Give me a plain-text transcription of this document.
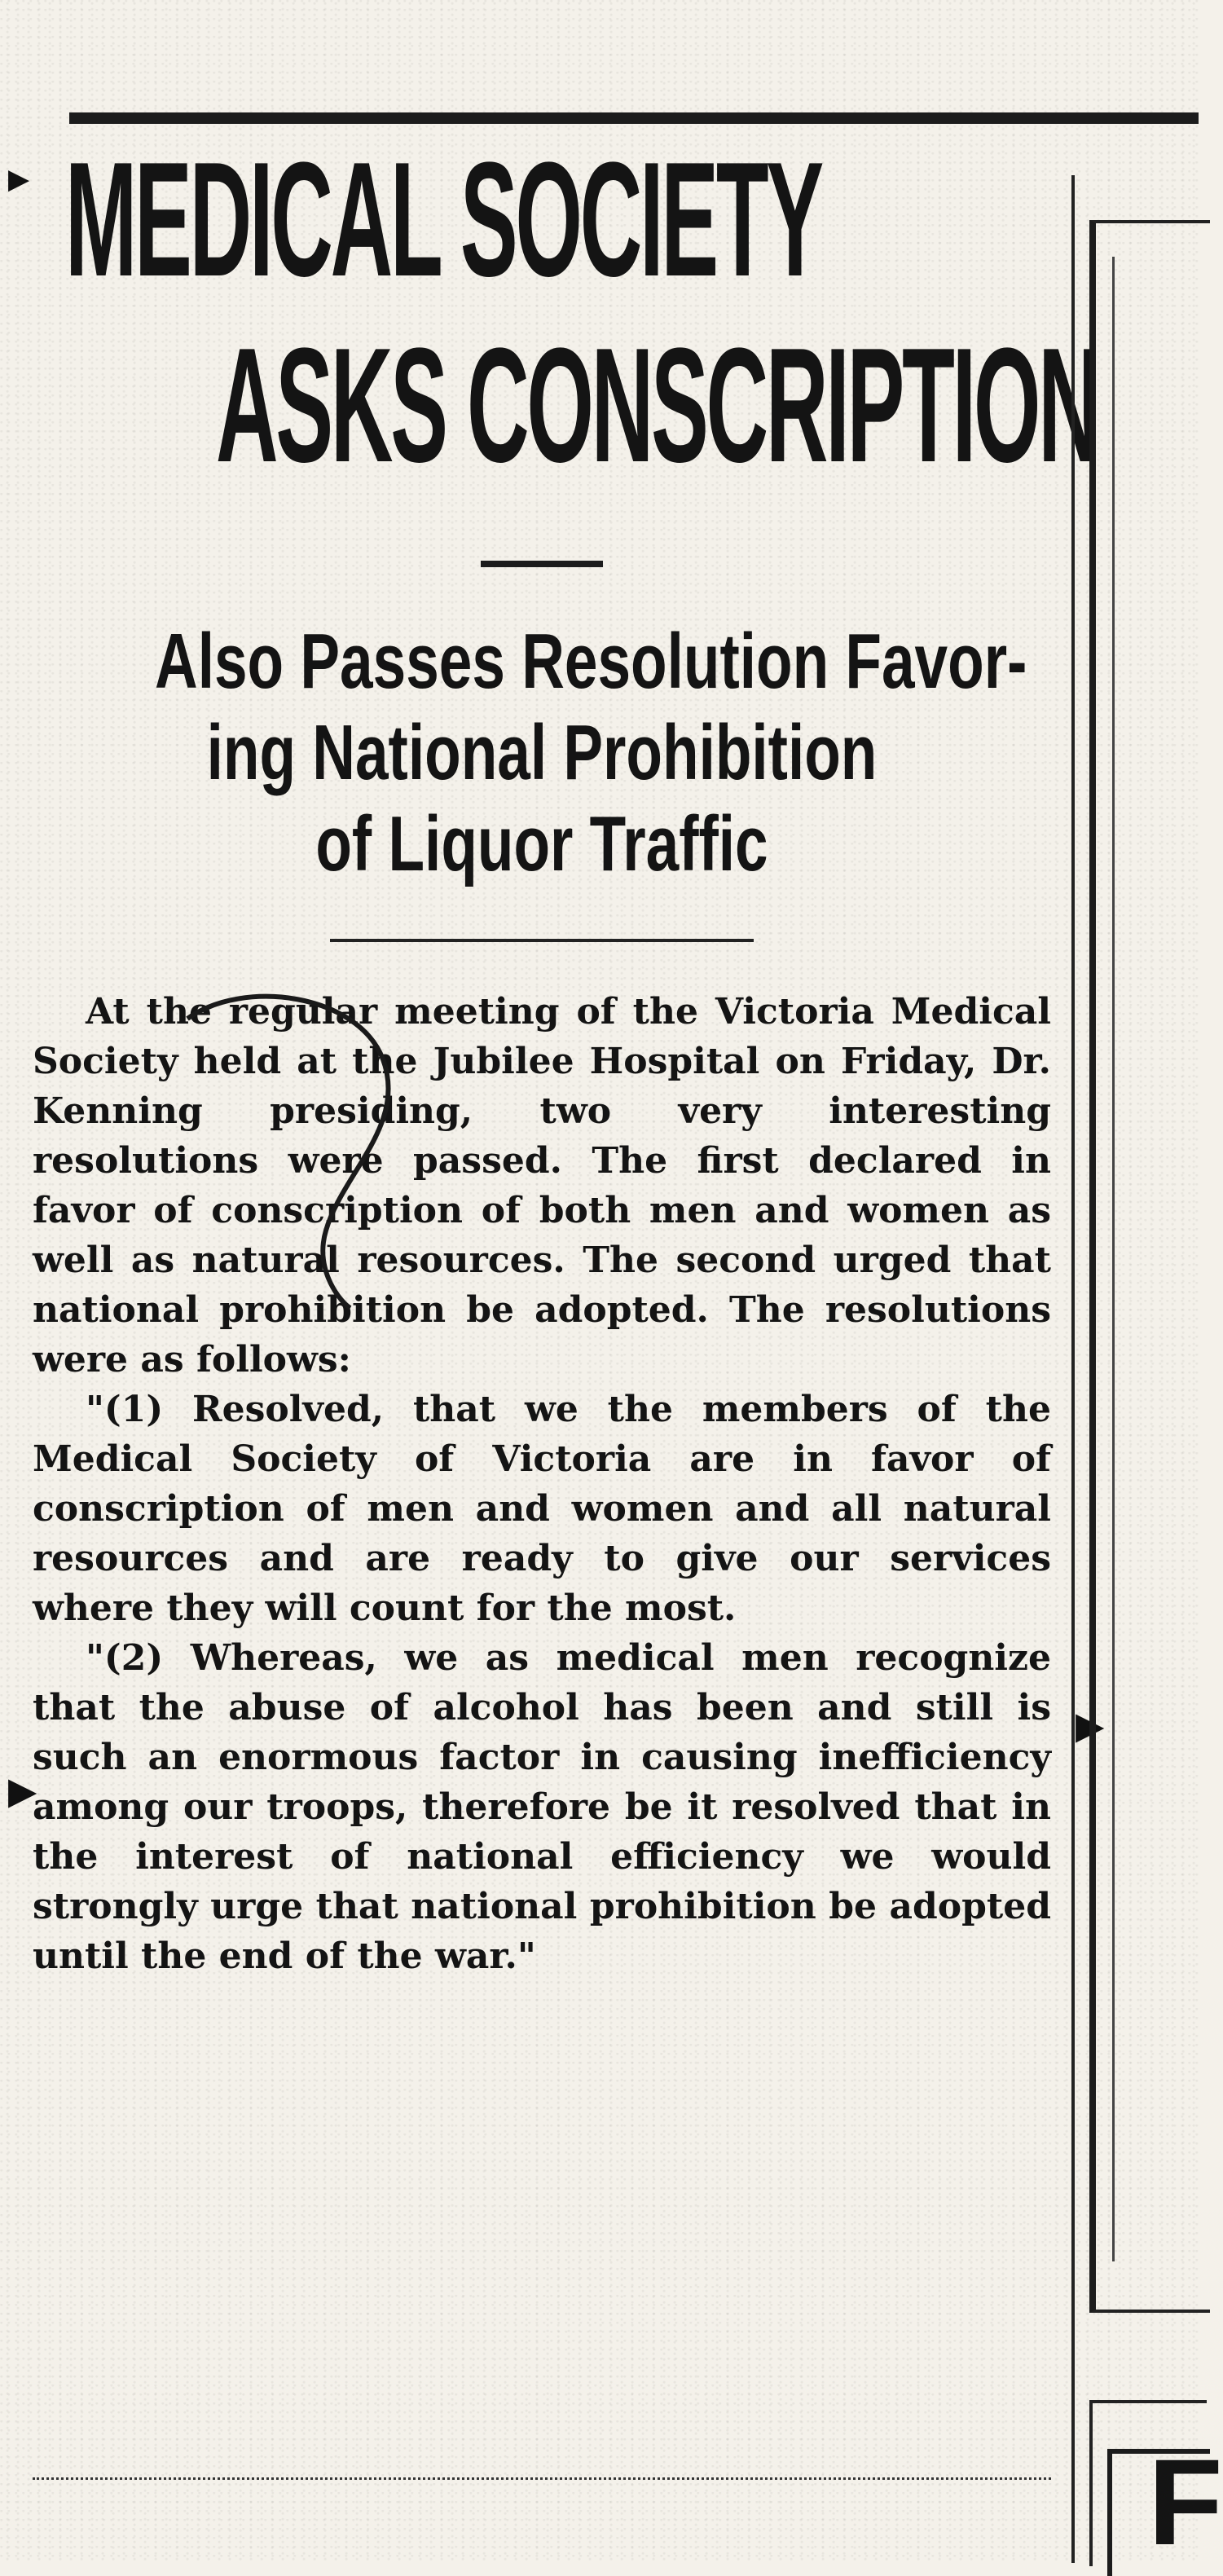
▶
▶
▶
MEDICAL SOCIETY
ASKS CONSCRIPTION
Also Passes Resolution Favor-
ing National Prohibition
of Liquor Traffic

At the regular meeting of the Victoria Medical Society held at the Jubilee Hospital on Friday, Dr. Kenning presiding, two very interesting resolutions were passed. The first declared in favor of conscription of both men and women as well as natural resources. The second urged that national prohibition be adopted. The resolutions were as follows:

"(1) Resolved, that we the members of the Medical Society of Victoria are in favor of conscription of men and women and all natural resources and are ready to give our services where they will count for the most.

"(2) Whereas, we as medical men recognize that the abuse of alcohol has been and still is such an enormous factor in causing inefficiency among our troops, therefore be it resolved that in the interest of national efficiency we would strongly urge that national prohibition be adopted until the end of the war."

F
